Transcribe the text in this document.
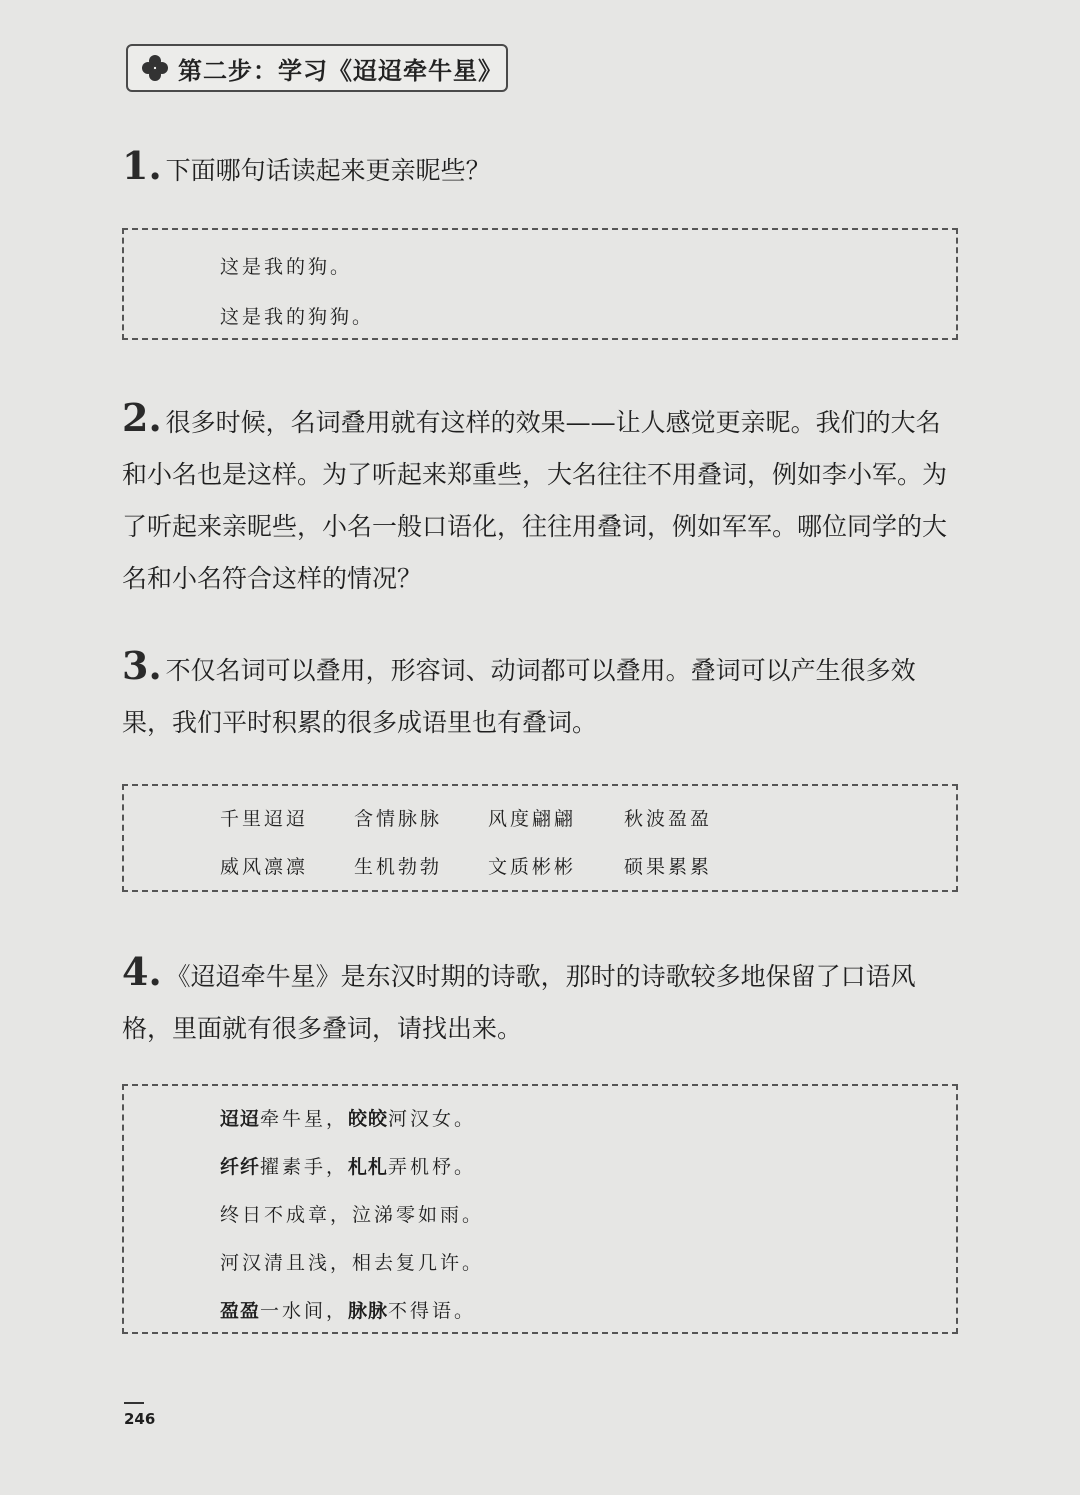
第二步：学习《迢迢牵牛星》
1. 下面哪句话读起来更亲昵些？
这是我的狗。
这是我的狗狗。
2. 很多时候，名词叠用就有这样的效果——让人感觉更亲昵。我们的大名和小名也是这样。为了听起来郑重些，大名往往不用叠词，例如李小军。为了听起来亲昵些，小名一般口语化，往往用叠词，例如军军。哪位同学的大名和小名符合这样的情况？
3. 不仅名词可以叠用，形容词、动词都可以叠用。叠词可以产生很多效果，我们平时积累的很多成语里也有叠词。
千里迢迢 含情脉脉 风度翩翩	秋波盈盈
威风凛凛 生机勃勃 文质彬彬	硕果累累
4. 《迢迢牵牛星》是东汉时期的诗歌，那时的诗歌较多地保留了口语风格，里面就有很多叠词，请找出来。
迢迢牵牛星，皎皎河汉女。
纤纤擢素手，札札弄机杼。
终日不成章，泣涕零如雨。
河汉清且浅，相去复几许。
盈盈一水间，脉脉不得语。
246
